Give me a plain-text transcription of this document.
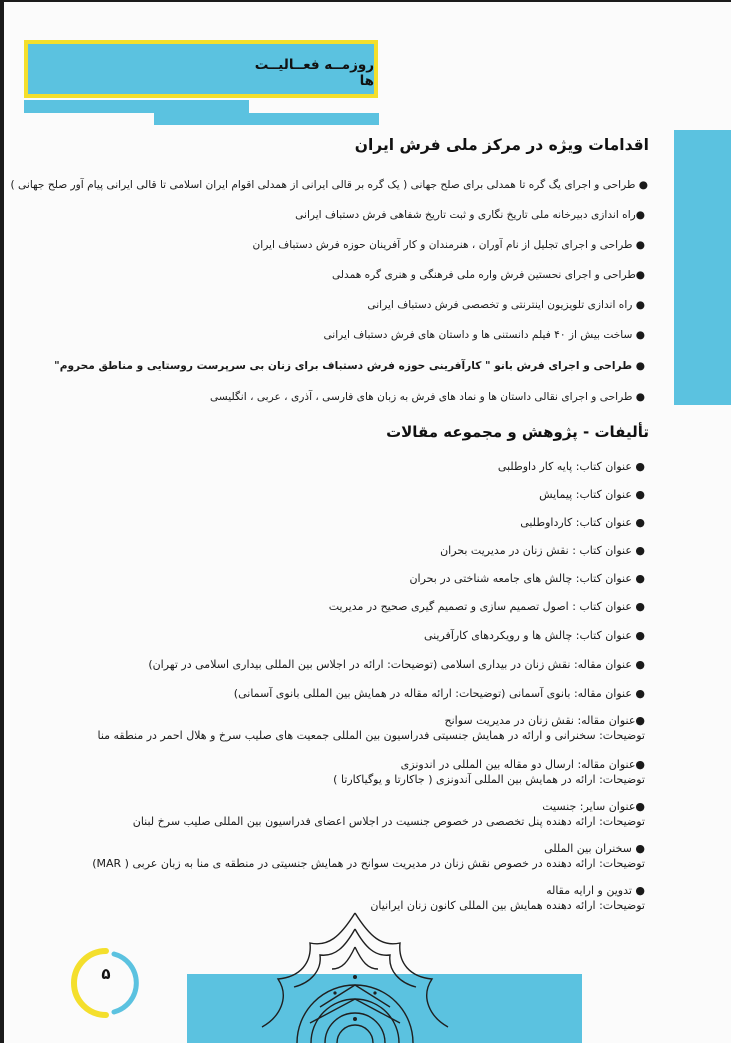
روزمــه فعــالیــت ها
اقدامات ویژه در مرکز ملی فرش ایران
● طراحی و اجرای یگ گره تا همدلی برای صلح جهانی ( یک گره بر قالی ایرانی از همدلی اقوام ایران اسلامی تا قالی ایرانی پیام آور صلح جهانی )
●راه اندازی دبیرخانه ملی تاریخ نگاری و ثبت تاریخ شفاهی فرش دستباف ایرانی
● طراحی و اجرای تجلیل از نام آوران ، هنرمندان و کار آفرینان حوزه فرش دستباف ایران
●طراحی و اجرای نحستین فرش واره ملی فرهنگی و هنری گره همدلی
● راه اندازی تلویزیون اینترنتی و تخصصی فرش دستباف ایرانی
● ساخت بیش از ۴۰ فیلم دانستنی ها و داستان های فرش دستباف ایرانی
● طراحی و اجرای فرش بانو " کارآفرینی حوزه فرش دستباف برای زنان بی سرپرست روستایی و مناطق محروم"
● طراحی و اجرای نقالی داستان ها و نماد های فرش به زبان های فارسی ، آذری ، عربی ، انگلیسی
تألیفات - پژوهش و مجموعه مقالات
● عنوان کتاب: پایه کار داوطلبی
● عنوان کتاب: پیمایش
● عنوان کتاب: کارداوطلبی
● عنوان کتاب : نقش زنان در مدیریت بحران
● عنوان کتاب: چالش های جامعه شناختی در بحران
● عنوان کتاب : اصول تصمیم سازی و تصمیم گیری صحیح در مدیریت
● عنوان کتاب: چالش ها و رویکردهای کارآفرینی
● عنوان مقاله: نقش زنان در بیداری اسلامی (توضیحات: ارائه در اجلاس بین المللی بیداری اسلامی در تهران)
● عنوان مقاله: بانوی آسمانی (توضیحات: ارائه مقاله در همایش بین المللی بانوی آسمانی)
●عنوان مقاله: نقش زنان در مدیریت سوانح
توضیحات: سخنرانی و ارائه در همایش جنسیتی فدراسیون بین المللی جمعیت های صلیب سرخ و هلال احمر در منطقه منا
●عنوان مقاله: ارسال دو مقاله بین المللی در اندونزی
توضیحات: ارائه در همایش بین المللی آندونزی ( جاکارتا و یوگیاکارتا )
●عنوان سایر: جنسیت
توضیحات: ارائه دهنده پنل تخصصی در خصوص جنسیت در اجلاس اعضای فدراسیون بین المللی صلیب سرخ لبنان
● سخنران بین المللی
توضیحات: ارائه دهنده در خصوص نقش زنان در مدیریت سوانح در همایش جنسیتی در منطقه ی منا به زبان عربی ( MAR)
● تدوین و ارایه مقاله
توضیحات: ارائه دهنده همایش بین المللی کانون زنان ایرانیان
۵
